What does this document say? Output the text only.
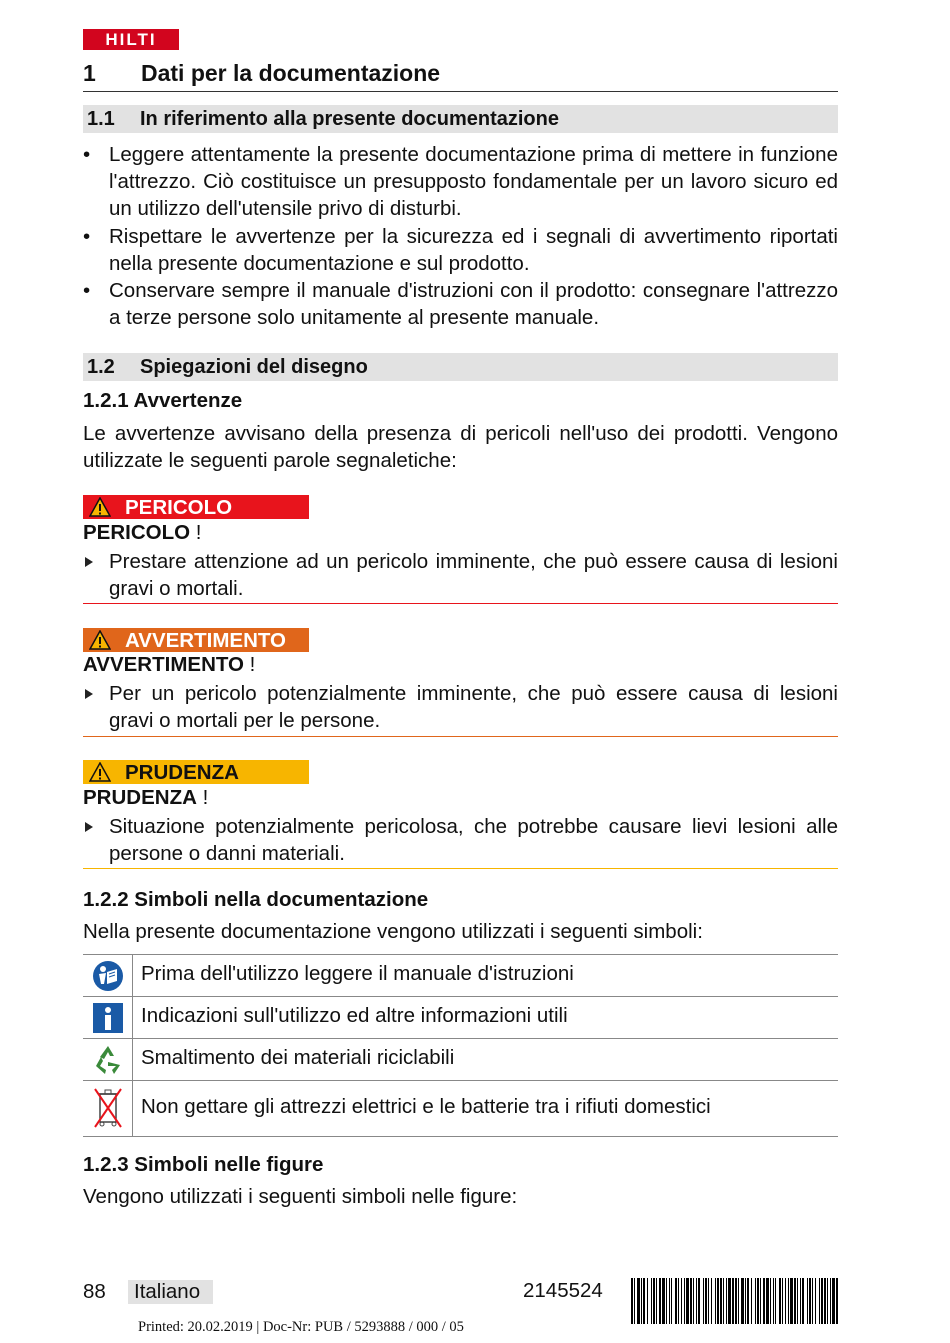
HILTI
1 Dati per la documentazione
1.1 In riferimento alla presente documentazione
• Leggere attentamente la presente documentazione prima di mettere in funzione l'attrezzo. Ciò costituisce un presupposto fondamentale per un lavoro sicuro ed un utilizzo dell'utensile privo di disturbi.
• Rispettare le avvertenze per la sicurezza ed i segnali di avvertimento riportati nella presente documentazione e sul prodotto.
• Conservare sempre il manuale d'istruzioni con il prodotto: consegnare l'attrezzo a terze persone solo unitamente al presente manuale.
1.2 Spiegazioni del disegno
1.2.1 Avvertenze
Le avvertenze avvisano della presenza di pericoli nell'uso dei prodotti. Vengono utilizzate le seguenti parole segnaletiche:
PERICOLO
PERICOLO !
Prestare attenzione ad un pericolo imminente, che può essere causa di lesioni gravi o mortali.
AVVERTIMENTO
AVVERTIMENTO !
Per un pericolo potenzialmente imminente, che può essere causa di lesioni gravi o mortali per le persone.
PRUDENZA
PRUDENZA !
Situazione potenzialmente pericolosa, che potrebbe causare lievi lesioni alle persone o danni materiali.
1.2.2 Simboli nella documentazione
Nella presente documentazione vengono utilizzati i seguenti simboli:
Prima dell'utilizzo leggere il manuale d'istruzioni
Indicazioni sull'utilizzo ed altre informazioni utili
Smaltimento dei materiali riciclabili
Non gettare gli attrezzi elettrici e le batterie tra i rifiuti domestici
1.2.3 Simboli nelle figure
Vengono utilizzati i seguenti simboli nelle figure:
88 Italiano	2145524
Printed: 20.02.2019 | Doc-Nr: PUB / 5293888 / 000 / 05
